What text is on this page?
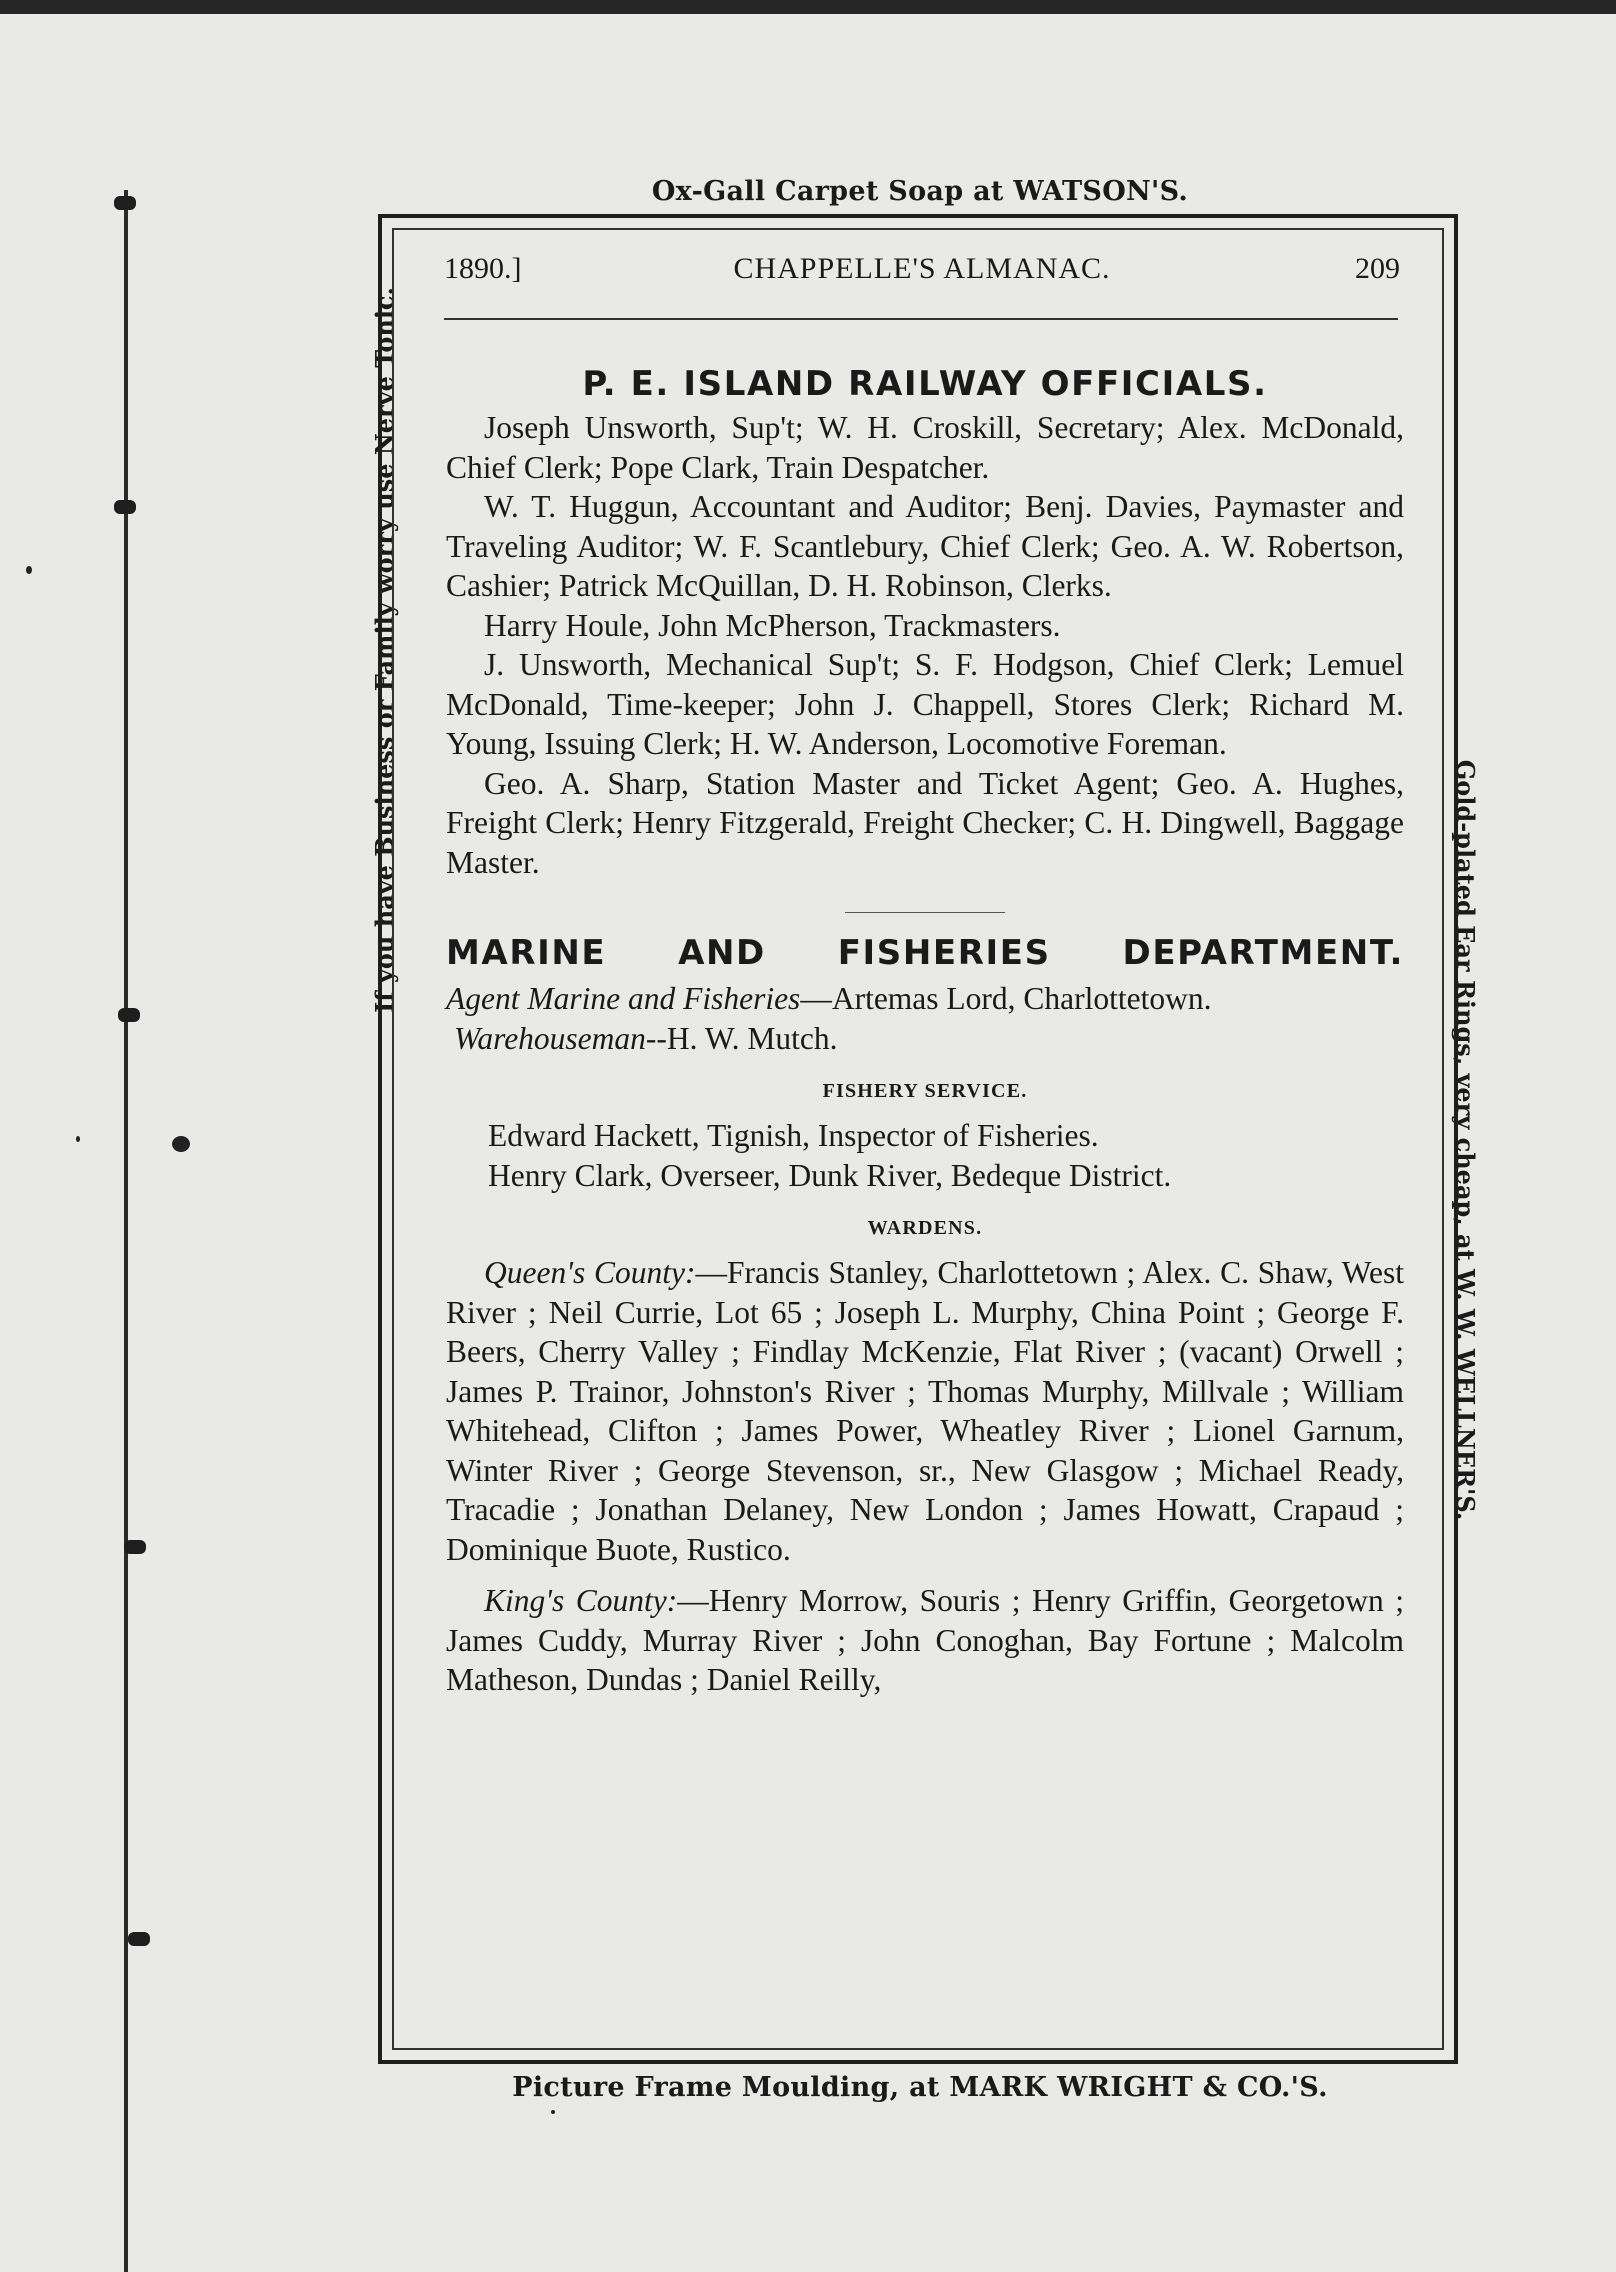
Ox-Gall Carpet Soap at WATSON'S.
If you have Business or Family worry use Nerve Tonic.
Gold-plated Ear Rings, very cheap, at W. W. WELLNER'S.
Picture Frame Moulding, at MARK WRIGHT & CO.'S.
1890.]	CHAPPELLE'S ALMANAC.	209
P. E. ISLAND RAILWAY OFFICIALS.

Joseph Unsworth, Sup't; W. H. Croskill, Secretary; Alex. McDonald, Chief Clerk; Pope Clark, Train Despatcher.

W. T. Huggun, Accountant and Auditor; Benj. Davies, Paymaster and Traveling Auditor; W. F. Scantlebury, Chief Clerk; Geo. A. W. Robertson, Cashier; Patrick McQuillan, D. H. Robinson, Clerks.

Harry Houle, John McPherson, Trackmasters.

J. Unsworth, Mechanical Sup't; S. F. Hodgson, Chief Clerk; Lemuel McDonald, Time-keeper; John J. Chappell, Stores Clerk; Richard M. Young, Issuing Clerk; H. W. Anderson, Locomotive Foreman.

Geo. A. Sharp, Station Master and Ticket Agent; Geo. A. Hughes, Freight Clerk; Henry Fitzgerald, Freight Checker; C. H. Dingwell, Baggage Master.

MARINE AND FISHERIES DEPARTMENT.

Agent Marine and Fisheries—Artemas Lord, Charlottetown.

Warehouseman--H. W. Mutch.

FISHERY SERVICE.
Edward Hackett, Tignish, Inspector of Fisheries.
Henry Clark, Overseer, Dunk River, Bedeque District.
WARDENS.

Queen's County:—Francis Stanley, Charlottetown ; Alex. C. Shaw, West River ; Neil Currie, Lot 65 ; Joseph L. Murphy, China Point ; George F. Beers, Cherry Valley ; Findlay McKenzie, Flat River ; (vacant) Orwell ; James P. Trainor, Johnston's River ; Thomas Murphy, Millvale ; William Whitehead, Clifton ; James Power, Wheatley River ; Lionel Garnum, Winter River ; George Stevenson, sr., New Glasgow ; Michael Ready, Tracadie ; Jonathan Delaney, New London ; James Howatt, Crapaud ; Dominique Buote, Rustico.

King's County:—Henry Morrow, Souris ; Henry Griffin, Georgetown ; James Cuddy, Murray River ; John Conoghan, Bay Fortune ; Malcolm Matheson, Dundas ; Daniel Reilly,
